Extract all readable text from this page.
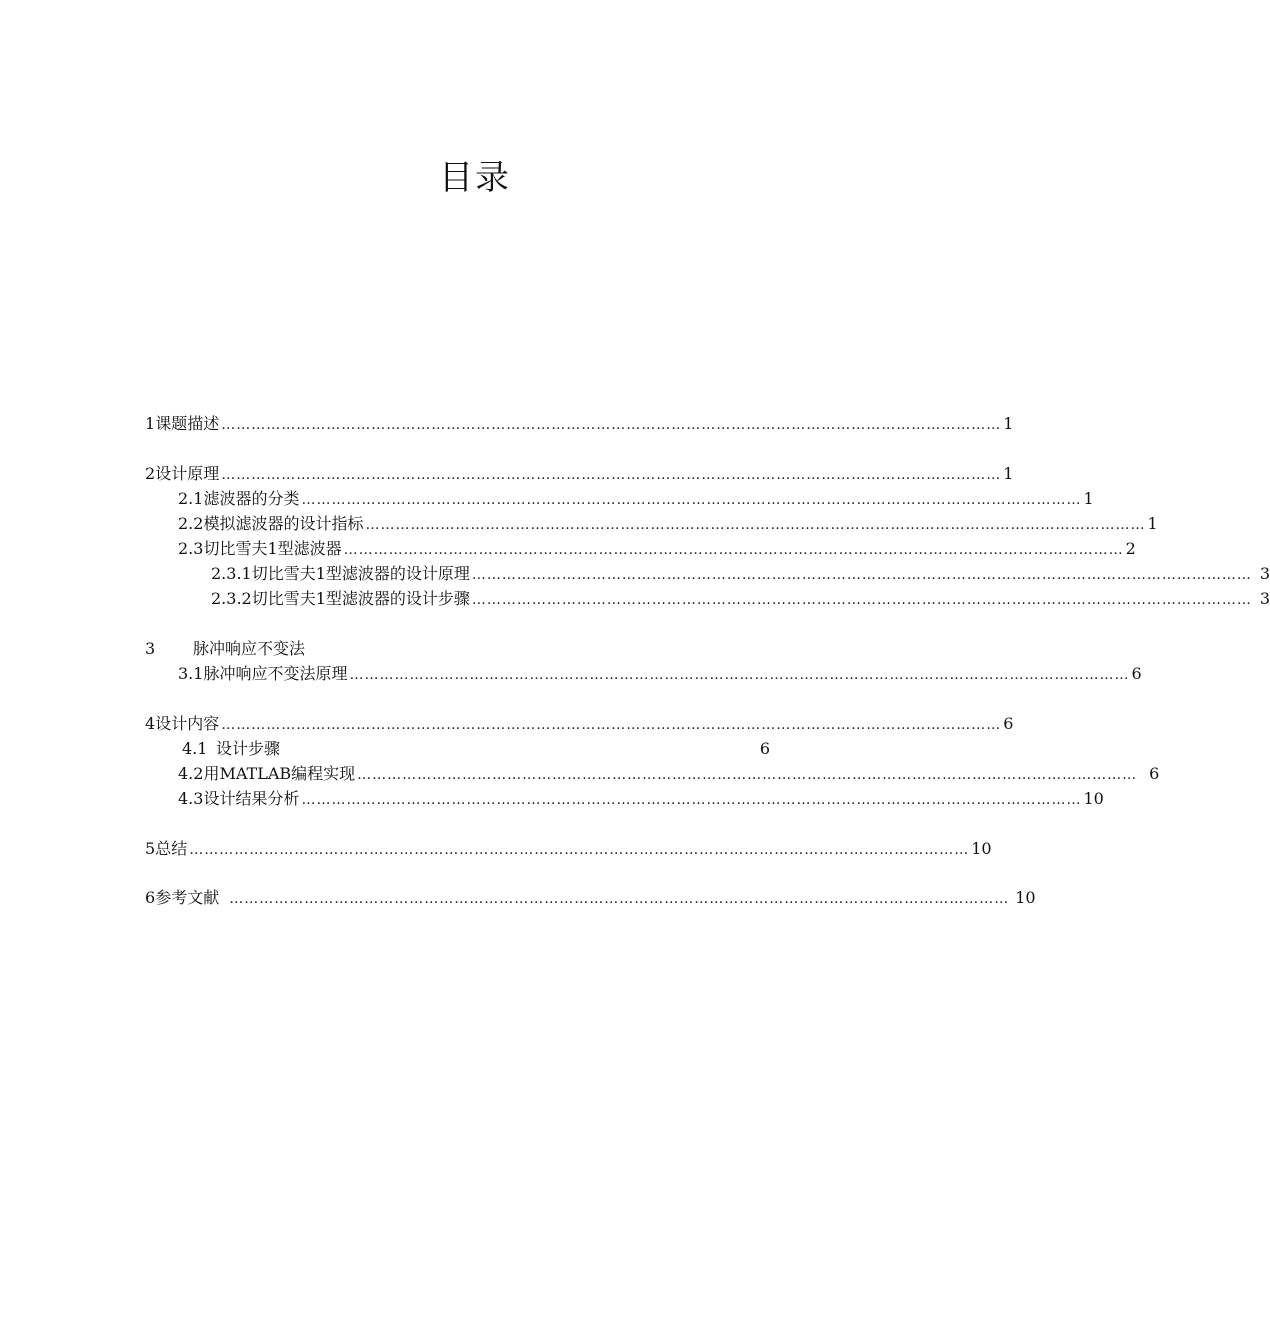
目录
1 课题描述 ………………………………………………………………………………………………………………………………………… 1
2 设计原理 ………………………………………………………………………………………………………………………………………… 1
2.1 滤波器的分类 ………………………………………………………………………………………………………………………………………… 1
2.2 模拟滤波器的设计指标 ………………………………………………………………………………………………………………………………………… 1
2.3 切比雪夫1型滤波器 ………………………………………………………………………………………………………………………………………… 2
2.3.1 切比雪夫1型滤波器的设计原理 ………………………………………………………………………………………………………………………………………… 3
2.3.2 切比雪夫1型滤波器的设计步骤 ………………………………………………………………………………………………………………………………………… 3
3	脉冲响应不变法
3.1 脉冲响应不变法原理 ………………………………………………………………………………………………………………………………………… 6
4 设计内容 ………………………………………………………………………………………………………………………………………… 6
4.1 设计步骤	6
4.2 用MATLAB编程实现 ………………………………………………………………………………………………………………………………………… 6
4.3 设计结果分析 ………………………………………………………………………………………………………………………………………… 10
5 总结 ………………………………………………………………………………………………………………………………………… 10
6 参考文献 ………………………………………………………………………………………………………………………………………… 10
